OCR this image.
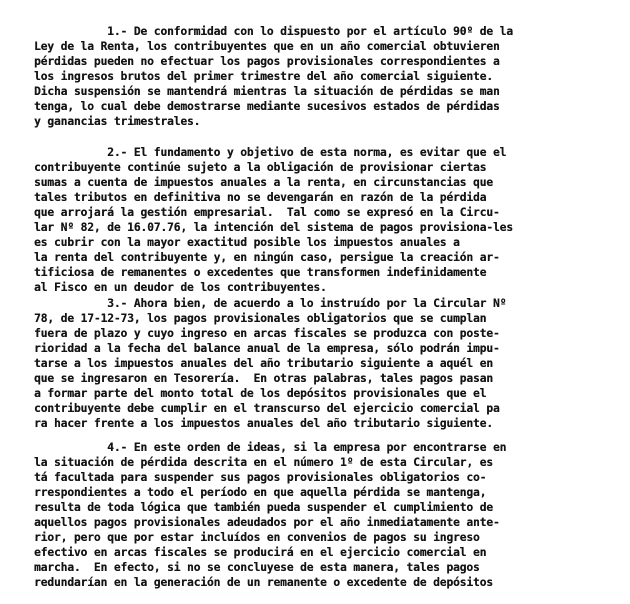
1.- De conformidad con lo dispuesto por el artículo 90º de la
Ley de la Renta, los contribuyentes que en un año comercial obtuvieren
pérdidas pueden no efectuar los pagos provisionales correspondientes a
los ingresos brutos del primer trimestre del año comercial siguiente.
Dicha suspensión se mantendrá mientras la situación de pérdidas se man
tenga, lo cual debe demostrarse mediante sucesivos estados de pérdidas
y ganancias trimestrales.
2.- El fundamento y objetivo de esta norma, es evitar que el
contribuyente continúe sujeto a la obligación de provisionar ciertas
sumas a cuenta de impuestos anuales a la renta, en circunstancias que
tales tributos en definitiva no se devengarán en razón de la pérdida
que arrojará la gestión empresarial.  Tal como se expresó en la Circu-
lar Nº 82, de 16.07.76, la intención del sistema de pagos provisiona-les
es cubrir con la mayor exactitud posible los impuestos anuales a
la renta del contribuyente y, en ningún caso, persigue la creación ar-
tificiosa de remanentes o excedentes que transformen indefinidamente
al Fisco en un deudor de los contribuyentes.
3.- Ahora bien, de acuerdo a lo instruído por la Circular Nº
78, de 17-12-73, los pagos provisionales obligatorios que se cumplan
fuera de plazo y cuyo ingreso en arcas fiscales se produzca con poste-
rioridad a la fecha del balance anual de la empresa, sólo podrán impu-
tarse a los impuestos anuales del año tributario siguiente a aquél en
que se ingresaron en Tesorería.  En otras palabras, tales pagos pasan
a formar parte del monto total de los depósitos provisionales que el
contribuyente debe cumplir en el transcurso del ejercicio comercial pa
ra hacer frente a los impuestos anuales del año tributario siguiente.
4.- En este orden de ideas, si la empresa por encontrarse en
la situación de pérdida descrita en el número 1º de esta Circular, es
tá facultada para suspender sus pagos provisionales obligatorios co-
rrespondientes a todo el período en que aquella pérdida se mantenga,
resulta de toda lógica que también pueda suspender el cumplimiento de
aquellos pagos provisionales adeudados por el año inmediatamente ante-
rior, pero que por estar incluídos en convenios de pagos su ingreso
efectivo en arcas fiscales se producirá en el ejercicio comercial en
marcha.  En efecto, si no se concluyese de esta manera, tales pagos
redundarían en la generación de un remanente o excedente de depósitos
